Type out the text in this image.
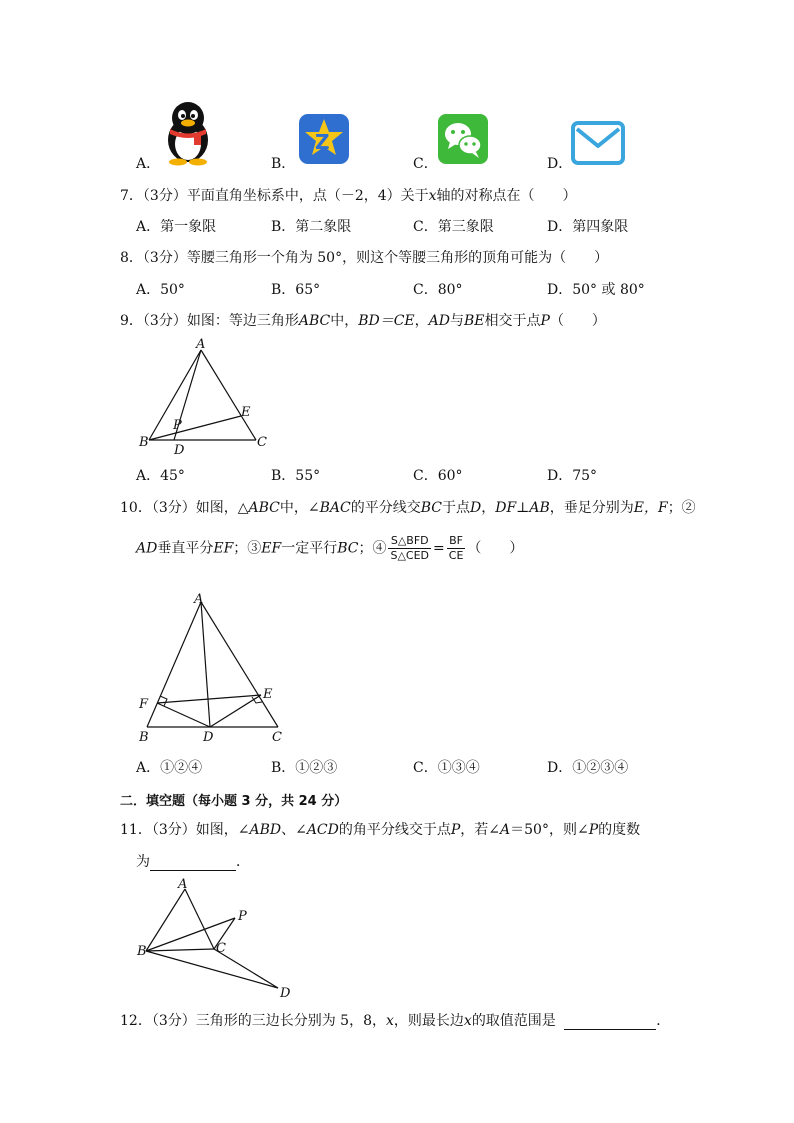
A．	B．
Z
C．	D．
7．（3分）平面直角坐标系中，点（－2，4）关于x轴的对称点在（　　）
A．第一象限	B．第二象限	C．第三象限	D．第四象限
8．（3分）等腰三角形一个角为 50°，则这个等腰三角形的顶角可能为（　　）
A．50°	B．65°	C．80°	D．50° 或 80°
9．（3分）如图：等边三角形ABC中，BD＝CE，AD与BE相交于点P（　　）
A
B	C
D
E
P
A．45°	B．55°	C．60°	D．75°
10．（3分）如图，△ABC中，∠BAC的平分线交BC于点D，DF⊥AB，垂足分别为E，F；②
AD垂直平分EF；③EF一定平行BC；④ $\frac{\text{S△BFD}}{\text{S△CED}} = \frac{BF}{CE}$ （　　）
A
B	C
D
E
F
A．①②④	B．①②③	C．①③④	D．①②③④
二．填空题（每小题 3 分，共 24 分）
11．（3分）如图，∠ABD、∠ACD的角平分线交于点P，若∠A＝50°，则∠P的度数
为	．
A
B	C
D
P
12．（3分）三角形的三边长分别为 5，8，x，则最长边x的取值范围是	．
